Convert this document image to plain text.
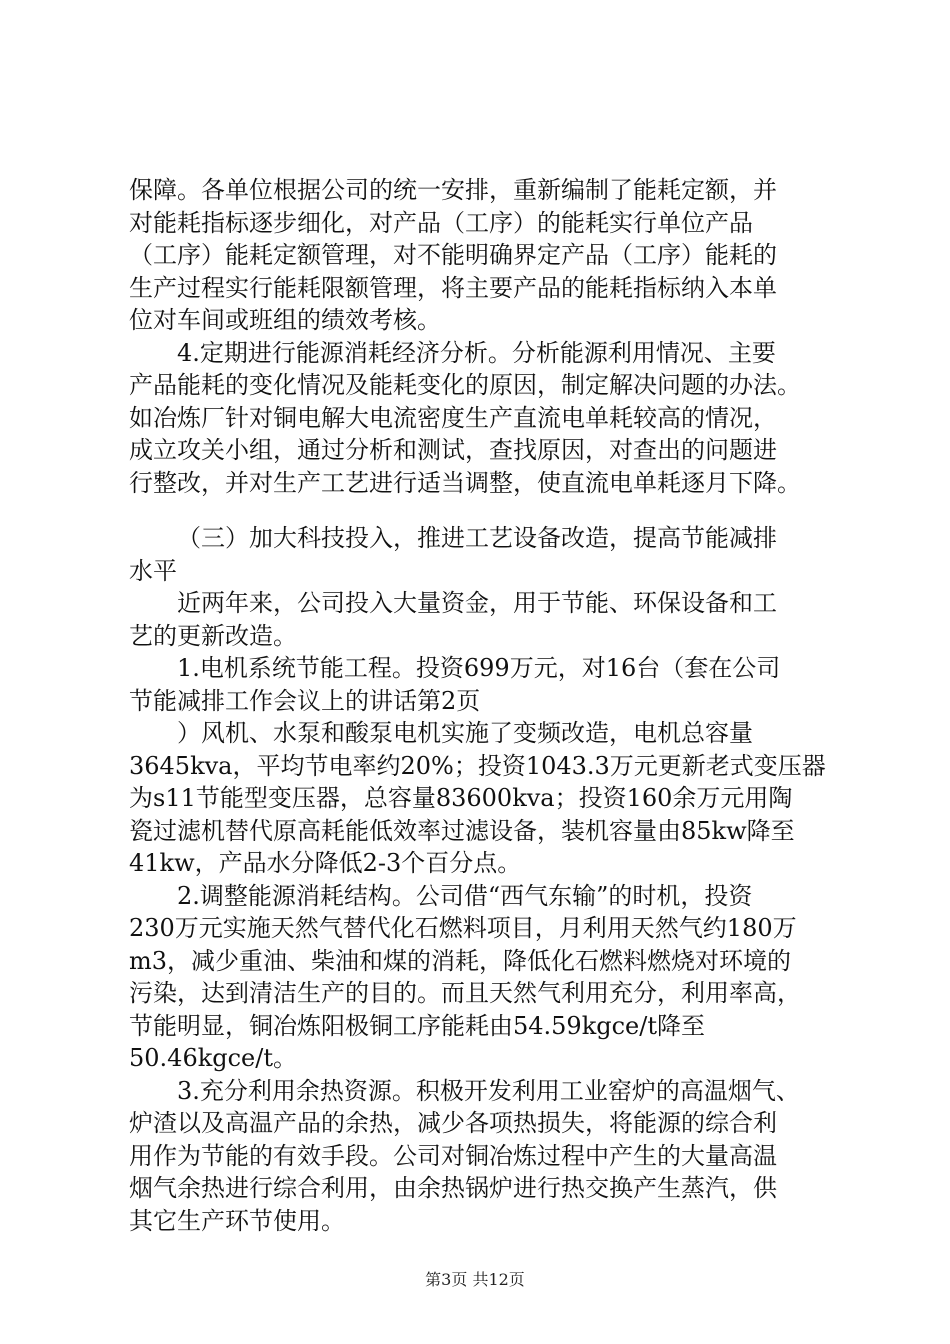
保障。各单位根据公司的统一安排，重新编制了能耗定额，并
对能耗指标逐步细化，对产品（工序）的能耗实行单位产品
（工序）能耗定额管理，对不能明确界定产品（工序）能耗的
生产过程实行能耗限额管理，将主要产品的能耗指标纳入本单
位对车间或班组的绩效考核。
4.定期进行能源消耗经济分析。分析能源利用情况、主要
产品能耗的变化情况及能耗变化的原因，制定解决问题的办法。
如冶炼厂针对铜电解大电流密度生产直流电单耗较高的情况，
成立攻关小组，通过分析和测试，查找原因，对查出的问题进
行整改，并对生产工艺进行适当调整，使直流电单耗逐月下降。
（三）加大科技投入，推进工艺设备改造，提高节能减排
水平
近两年来，公司投入大量资金，用于节能、环保设备和工
艺的更新改造。
1.电机系统节能工程。投资699万元，对16台（套在公司
节能减排工作会议上的讲话第2页
）风机、水泵和酸泵电机实施了变频改造，电机总容量
3645kva，平均节电率约20%；投资1043.3万元更新老式变压器
为s11节能型变压器，总容量83600kva；投资160余万元用陶
瓷过滤机替代原高耗能低效率过滤设备，装机容量由85kw降至
41kw，产品水分降低2-3个百分点。
2.调整能源消耗结构。公司借“西气东输”的时机，投资
230万元实施天然气替代化石燃料项目，月利用天然气约180万
m3，减少重油、柴油和煤的消耗，降低化石燃料燃烧对环境的
污染，达到清洁生产的目的。而且天然气利用充分，利用率高，
节能明显，铜冶炼阳极铜工序能耗由54.59kgce/t降至
50.46kgce/t。
3.充分利用余热资源。积极开发利用工业窑炉的高温烟气、
炉渣以及高温产品的余热，减少各项热损失，将能源的综合利
用作为节能的有效手段。公司对铜冶炼过程中产生的大量高温
烟气余热进行综合利用，由余热锅炉进行热交换产生蒸汽，供
其它生产环节使用。
第3页 共12页
